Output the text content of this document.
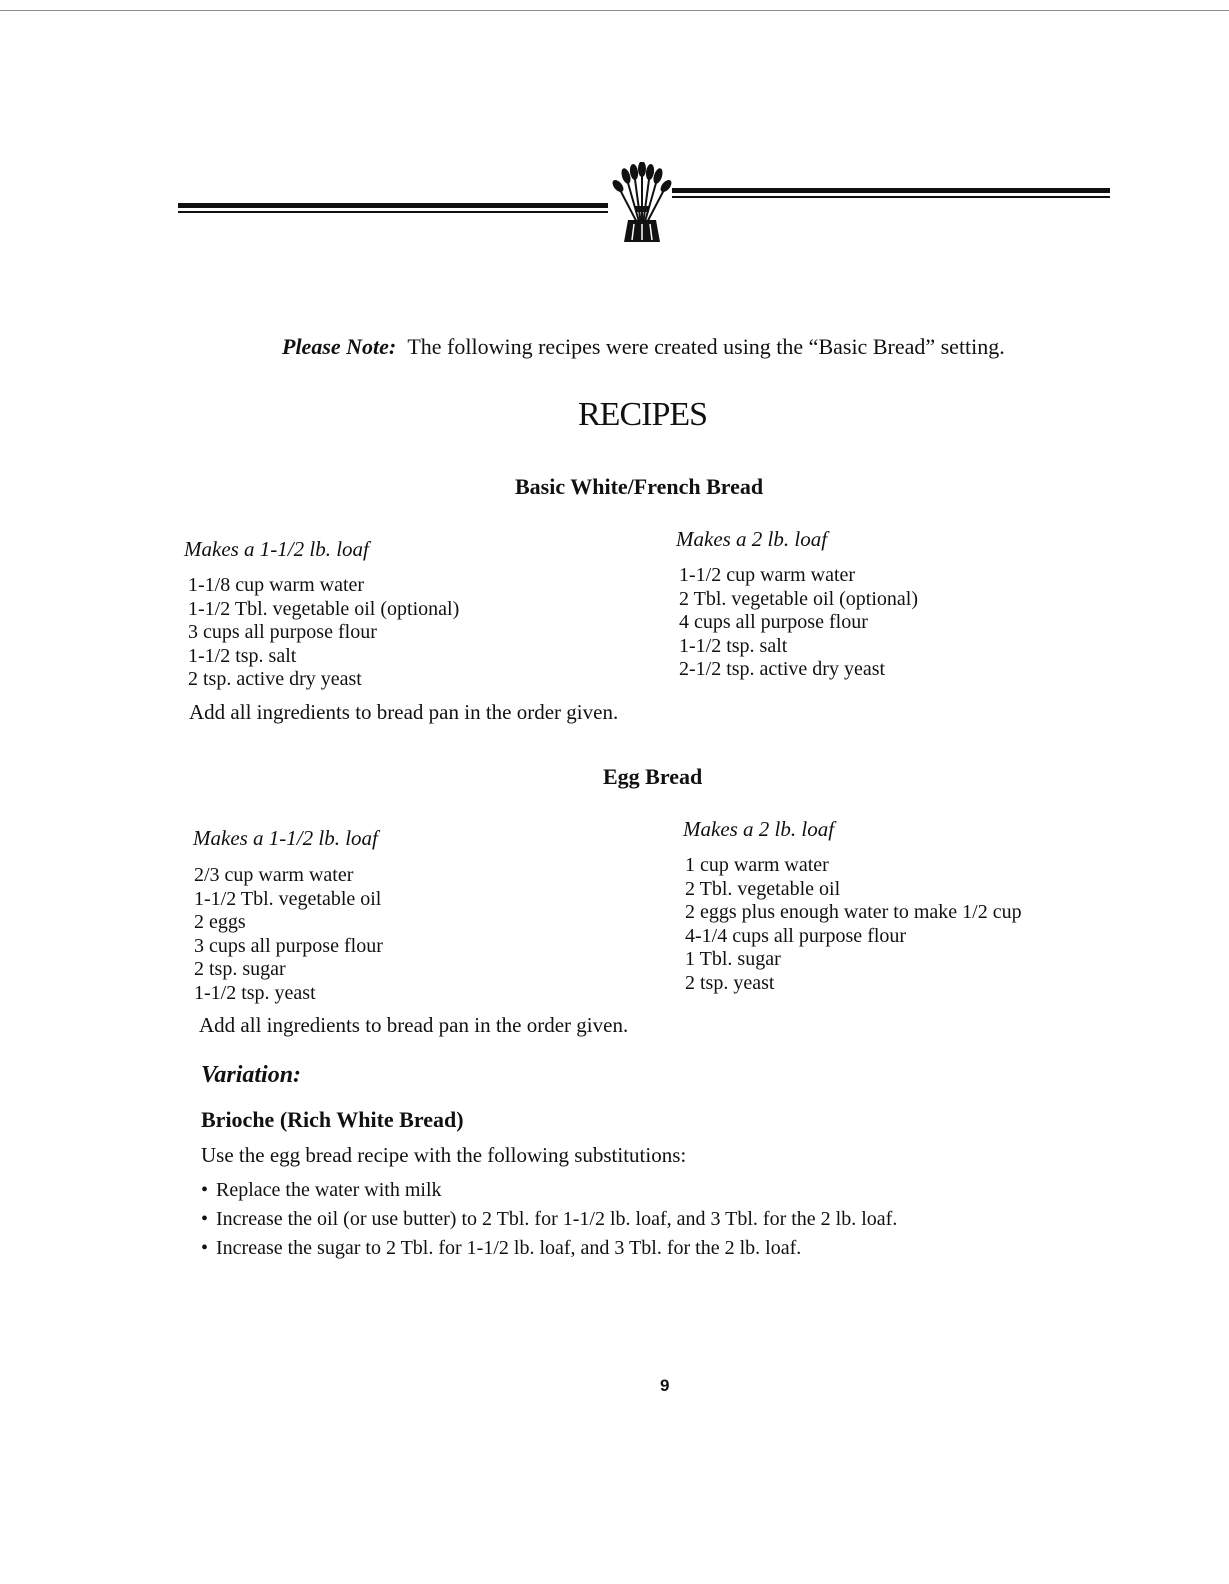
Please Note: The following recipes were created using the “Basic Bread” setting.
RECIPES
Basic White/French Bread
Makes a 1-1/2 lb. loaf
1-1/8 cup warm water
1-1/2 Tbl. vegetable oil (optional)
3 cups all purpose flour
1-1/2 tsp. salt
2 tsp. active dry yeast
Makes a 2 lb. loaf
1-1/2 cup warm water
2 Tbl. vegetable oil (optional)
4 cups all purpose flour
1-1/2 tsp. salt
2-1/2 tsp. active dry yeast
Add all ingredients to bread pan in the order given.
Egg Bread
Makes a 1-1/2 lb. loaf
2/3 cup warm water
1-1/2 Tbl. vegetable oil
2 eggs
3 cups all purpose flour
2 tsp. sugar
1-1/2 tsp. yeast
Makes a 2 lb. loaf
1 cup warm water
2 Tbl. vegetable oil
2 eggs plus enough water to make 1/2 cup
4-1/4 cups all purpose flour
1 Tbl. sugar
2 tsp. yeast
Add all ingredients to bread pan in the order given.
Variation:
Brioche (Rich White Bread)
Use the egg bread recipe with the following substitutions:
• Replace the water with milk
• Increase the oil (or use butter) to 2 Tbl. for 1-1/2 lb. loaf, and 3 Tbl. for the 2 lb. loaf.
• Increase the sugar to 2 Tbl. for 1-1/2 lb. loaf, and 3 Tbl. for the 2 lb. loaf.
9
